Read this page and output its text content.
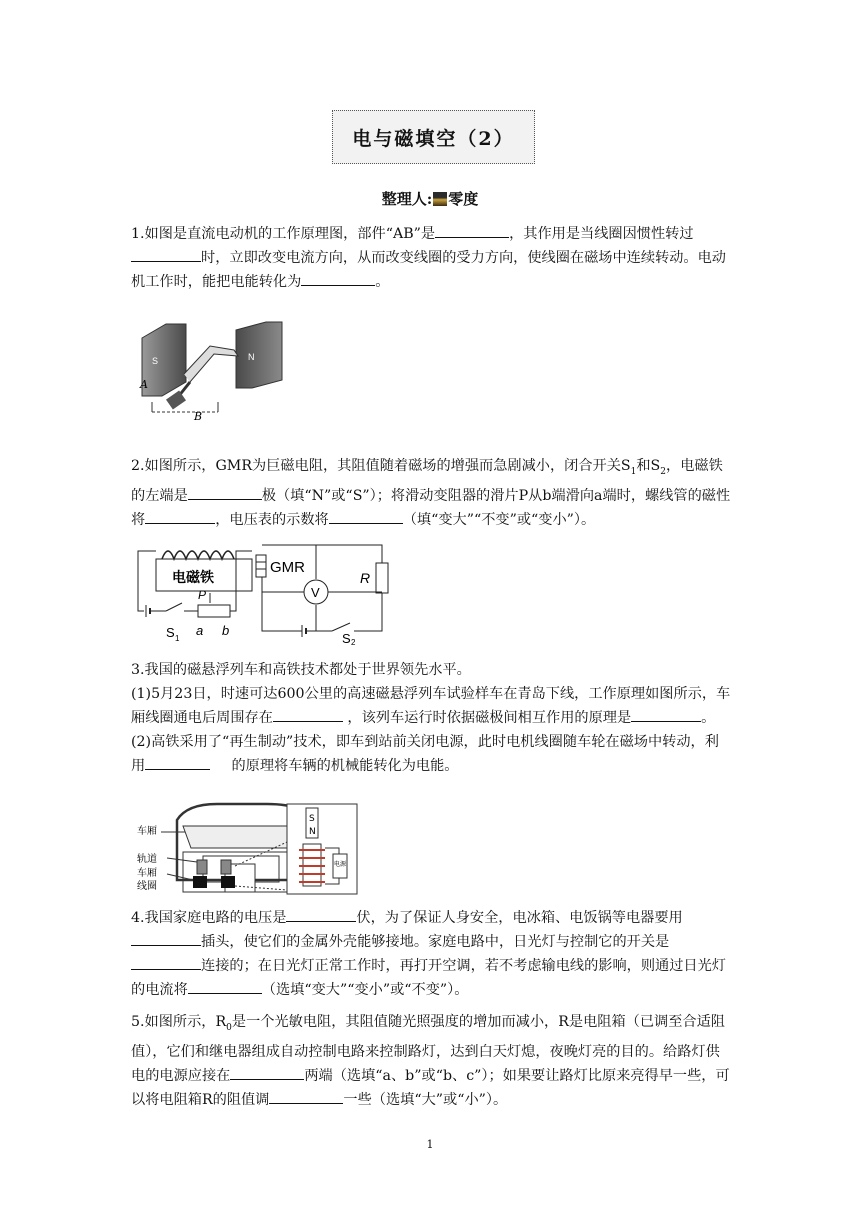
电与磁填空（2）
整理人: 零度

1.如图是直流电动机的工作原理图，部件“AB”是	，其作用是当线圈因惯性转过时，立即改变电流方向，从而改变线圈的受力方向，使线圈在磁场中连续转动。电动机工作时，能把电能转化为	。

S	N
A
B

2.如图所示，GMR为巨磁电阻，其阻值随着磁场的增强而急剧减小，闭合开关$S_1$和$S_2$，电磁铁的左端是	极（填“N”或“S”）；将滑动变阻器的滑片P从b端滑向a端时，螺线管的磁性将	，电压表的示数将	（填“变大”“不变”或“变小”）。

电磁铁
P
S 1
a b
GMR
R
V
S 2

3.我国的磁悬浮列车和高铁技术都处于世界领先水平。

(1)5月23日，时速可达600公里的高速磁悬浮列车试验样车在青岛下线，工作原理如图所示，车厢线圈通电后周围存在	，该列车运行时依据磁极间相互作用的原理是	。

(2)高铁采用了“再生制动”技术，即车到站前关闭电源，此时电机线圈随车轮在磁场中转动，利用  	的原理将车辆的机械能转化为电能。

车厢
轨道
车厢
线圈
S
N
电源

4.我国家庭电路的电压是	伏，为了保证人身安全，电冰箱、电饭锅等电器要用插头，使它们的金属外壳能够接地。家庭电路中，日光灯与控制它的开关是连接的；在日光灯正常工作时，再打开空调，若不考虑输电线的影响，则通过日光灯的电流将	（选填“变大”“变小”或“不变”）。

5.如图所示，$R_0$是一个光敏电阻，其阻值随光照强度的增加而减小，R是电阻箱（已调至合适阻值），它们和继电器组成自动控制电路来控制路灯，达到白天灯熄，夜晚灯亮的目的。给路灯供电的电源应接在	两端（选填“a、b”或“b、c”）；如果要让路灯比原来亮得早一些，可以将电阻箱R的阻值调	一些（选填“大”或“小”）。

1
